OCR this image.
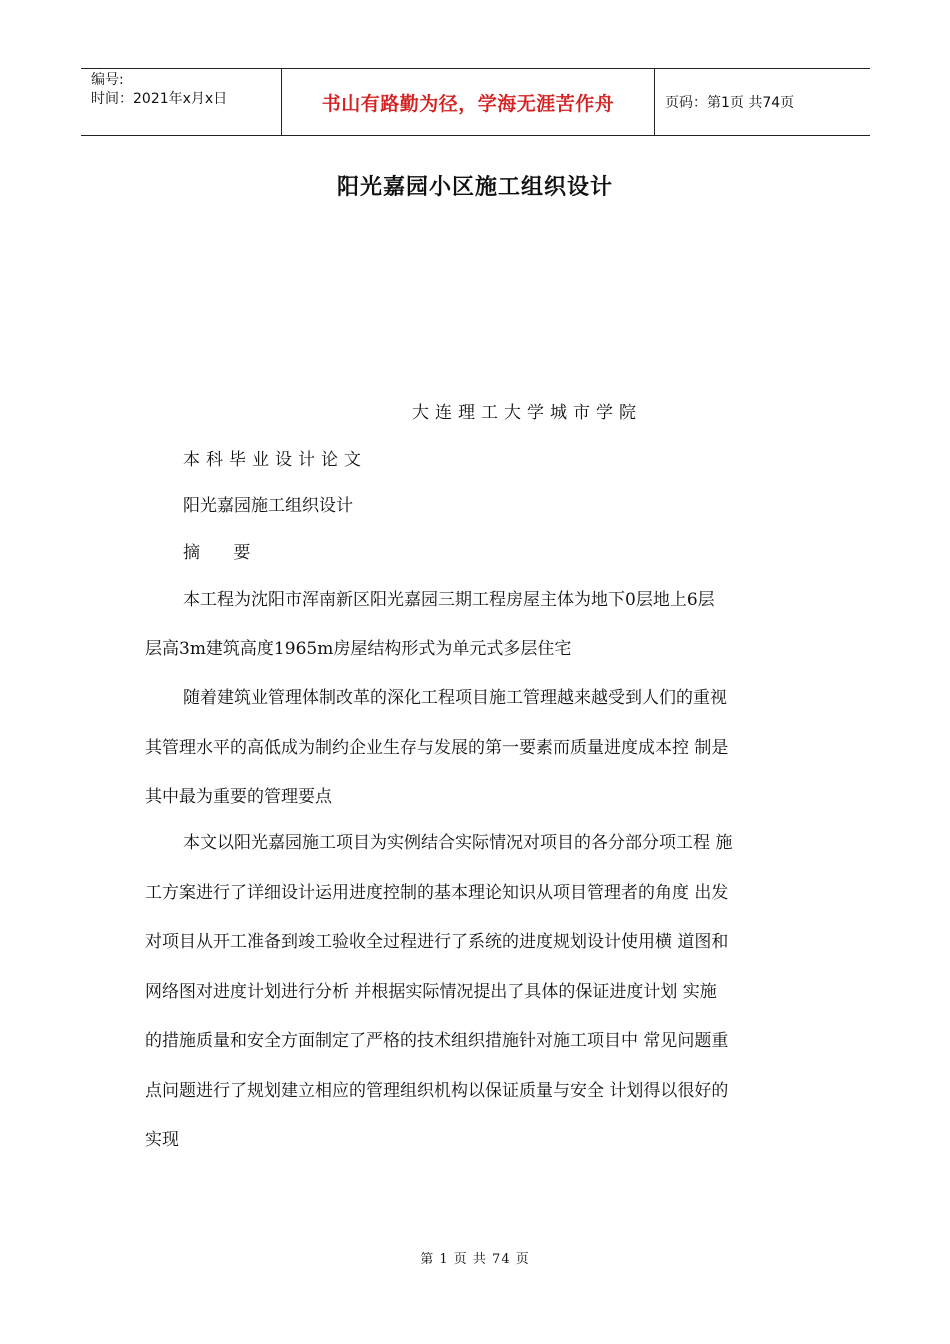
编号:
时间：2021年x月x日	书山有路勤为径，学海无涯苦作舟	页码：第1页 共74页
阳光嘉园小区施工组织设计
大连理工大学城市学院
本科毕业设计论文
阳光嘉园施工组织设计
摘 要
本工程为沈阳市浑南新区阳光嘉园三期工程房屋主体为地下0层地上6层
层高3m建筑高度1965m房屋结构形式为单元式多层住宅
随着建筑业管理体制改革的深化工程项目施工管理越来越受到人们的重视
其管理水平的高低成为制约企业生存与发展的第一要素而质量进度成本控 制是
其中最为重要的管理要点
本文以阳光嘉园施工项目为实例结合实际情况对项目的各分部分项工程 施
工方案进行了详细设计运用进度控制的基本理论知识从项目管理者的角度 出发
对项目从开工准备到竣工验收全过程进行了系统的进度规划设计使用横 道图和
网络图对进度计划进行分析 并根据实际情况提出了具体的保证进度计划 实施
的措施质量和安全方面制定了严格的技术组织措施针对施工项目中 常见问题重
点问题进行了规划建立相应的管理组织机构以保证质量与安全 计划得以很好的
实现
第 1 页 共 74 页
